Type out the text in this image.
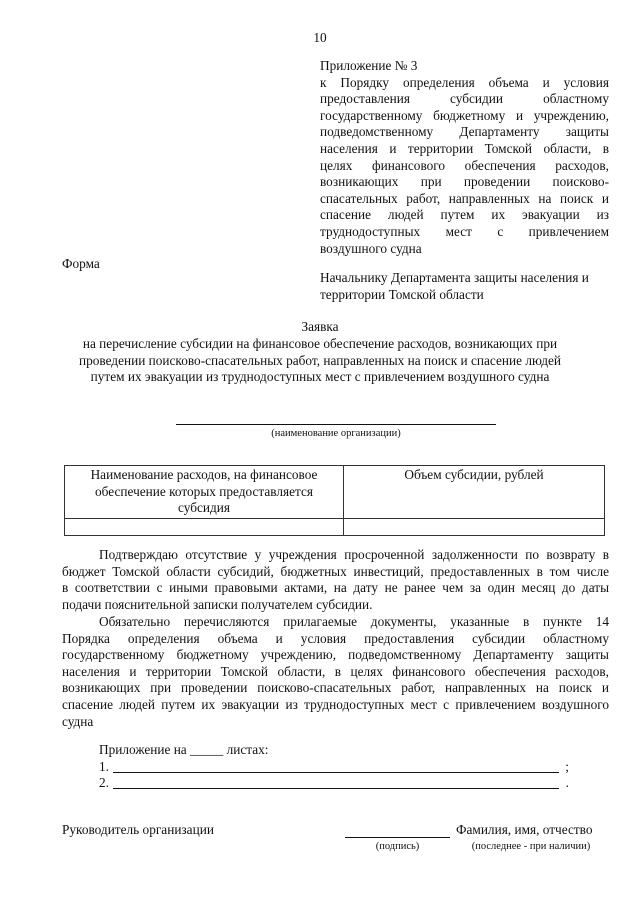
10
Приложение № 3
к Порядку определения объема и условия
предоставления субсидии областному
государственному бюджетному и учреждению,
подведомственному Департаменту защиты
населения и территории Томской области, в
целях финансового обеспечения расходов,
возникающих при проведении поисково-
спасательных работ, направленных на поиск и
спасение людей путем их эвакуации из
труднодоступных мест с привлечением
воздушного судна
Форма
Начальнику Департамента защиты населения и
территории Томской области
Заявка
на перечисление субсидии на финансовое обеспечение расходов, возникающих при
проведении поисково-спасательных работ, направленных на поиск и спасение людей
путем их эвакуации из труднодоступных мест с привлечением воздушного судна
(наименование организации)
Наименование расходов, на финансовое
обеспечение которых предоставляется
субсидия	Объем субсидии, рублей

Подтверждаю отсутствие у учреждения просроченной задолженности по возврату в
бюджет Томской области субсидий, бюджетных инвестиций, предоставленных в том числе
в соответствии с иными правовыми актами, на дату не ранее чем за один месяц до даты
подачи пояснительной записки получателем субсидии.
Обязательно перечисляются прилагаемые документы, указанные в пункте 14
Порядка определения объема и условия предоставления субсидии областному
государственному бюджетному учреждению, подведомственному Департаменту защиты
населения и территории Томской области, в целях финансового обеспечения расходов,
возникающих при проведении поисково-спасательных работ, направленных на поиск и
спасение людей путем их эвакуации из труднодоступных мест с привлечением воздушного
судна
Приложение на _____ листах:
1.	;
2.	.
Руководитель организации	Фамилия, имя, отчество
(подпись)	(последнее - при наличии)
